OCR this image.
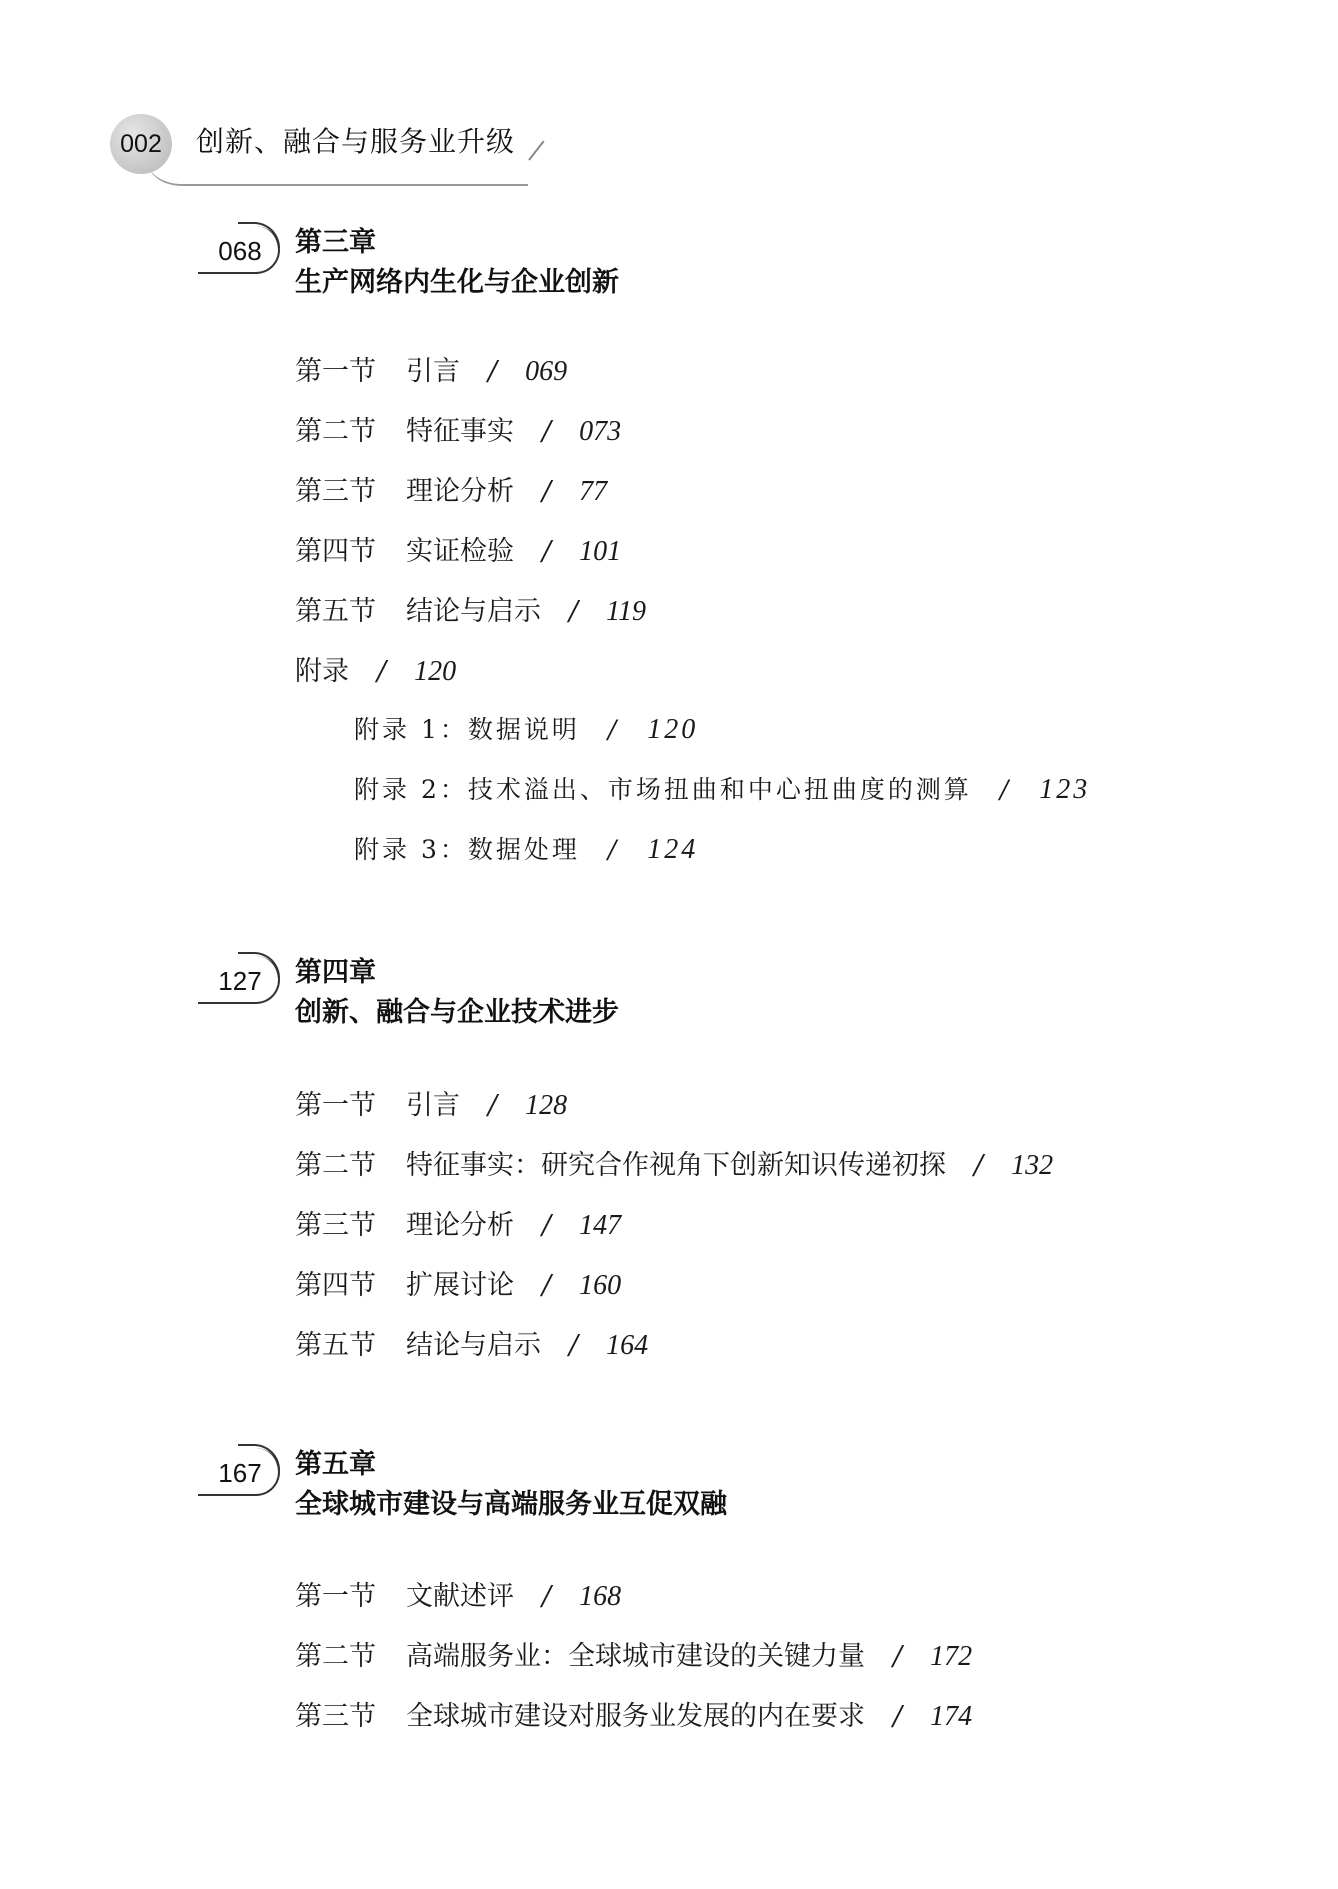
002	创新、融合与服务业升级
068	第三章
生产网络内生化与企业创新
第一节 引言 / 069
第二节 特征事实 / 073
第三节 理论分析 / 77
第四节 实证检验 / 101
第五节 结论与启示 / 119
附录 / 120
附录 1：数据说明 / 120
附录 2：技术溢出、市场扭曲和中心扭曲度的测算 / 123
附录 3：数据处理 / 124
127	第四章
创新、融合与企业技术进步
第一节 引言 / 128
第二节 特征事实：研究合作视角下创新知识传递初探 / 132
第三节 理论分析 / 147
第四节 扩展讨论 / 160
第五节 结论与启示 / 164
167	第五章
全球城市建设与高端服务业互促双融
第一节 文献述评 / 168
第二节 高端服务业：全球城市建设的关键力量 / 172
第三节 全球城市建设对服务业发展的内在要求 / 174
